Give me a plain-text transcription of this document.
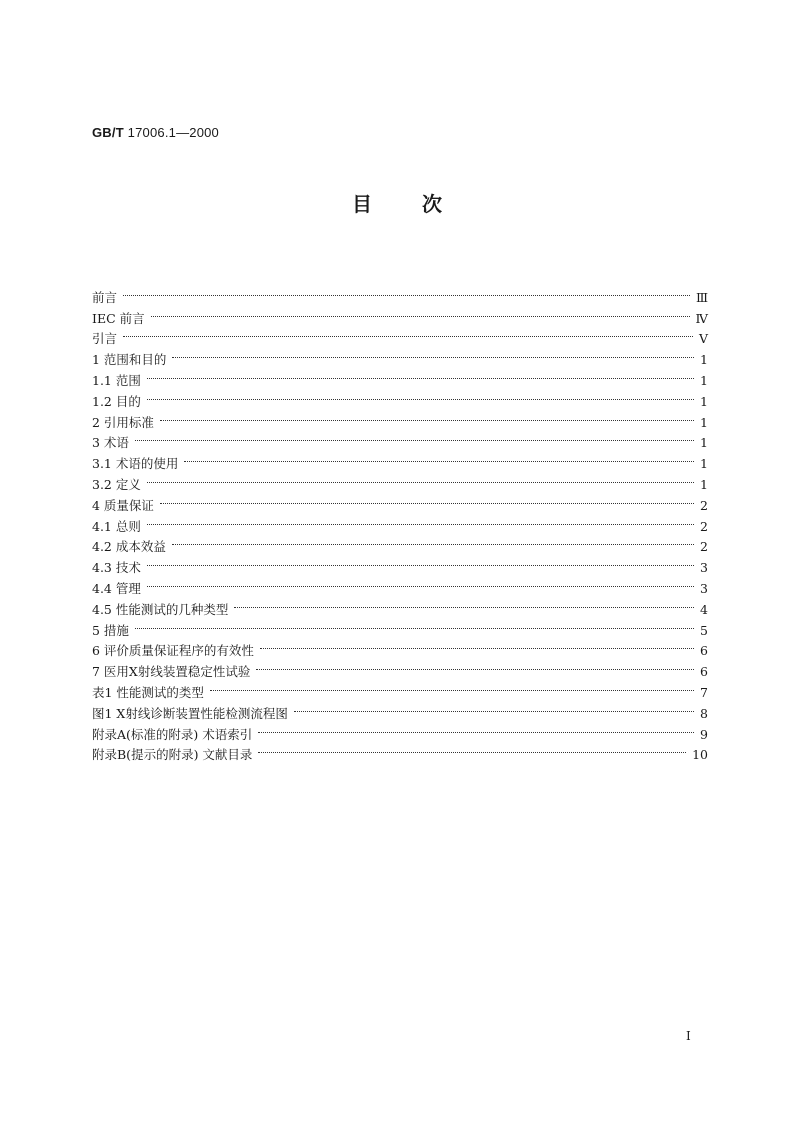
GB/T 17006.1—2000
目次
前言	Ⅲ
IEC 前言	Ⅳ
引言	Ⅴ
1 范围和目的	1
1.1 范围	1
1.2 目的	1
2 引用标准	1
3 术语	1
3.1 术语的使用	1
3.2 定义	1
4 质量保证	2
4.1 总则	2
4.2 成本效益	2
4.3 技术	3
4.4 管理	3
4.5 性能测试的几种类型	4
5 措施	5
6 评价质量保证程序的有效性	6
7 医用X射线装置稳定性试验	6
表1 性能测试的类型	7
图1 X射线诊断装置性能检测流程图	8
附录A(标准的附录) 术语索引	9
附录B(提示的附录) 文献目录	10
Ⅰ
